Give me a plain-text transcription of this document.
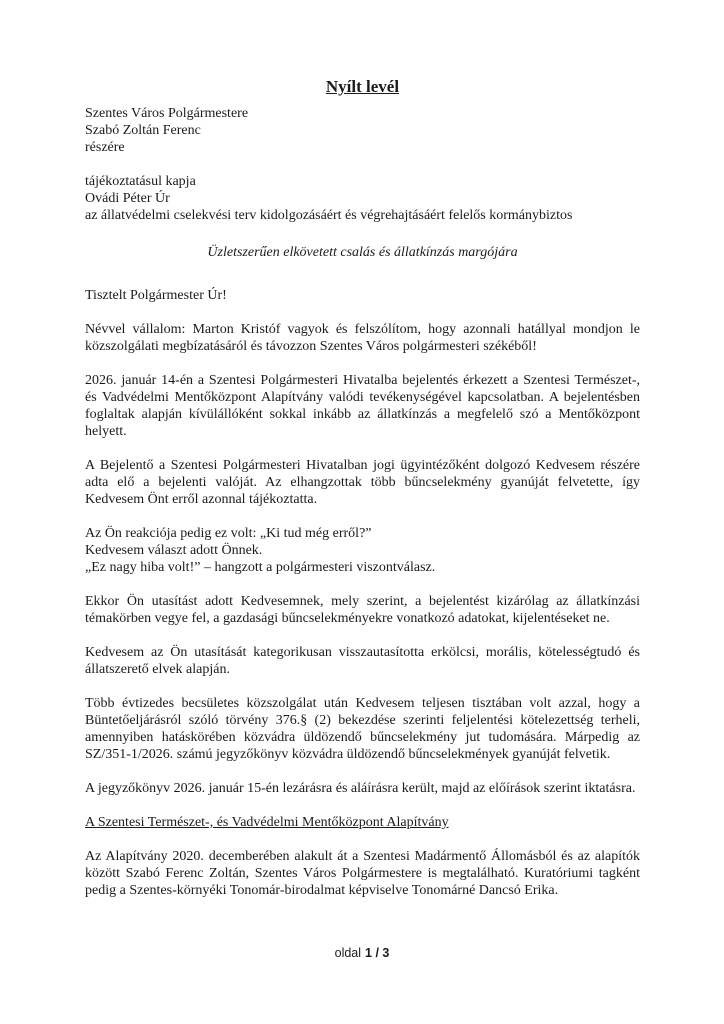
Nyílt levél

Szentes Város Polgármestere

Szabó Zoltán Ferenc

részére

tájékoztatásul kapja

Ovádi Péter Úr

az állatvédelmi cselekvési terv kidolgozásáért és végrehajtásáért felelős kormánybiztos

Üzletszerűen elkövetett csalás és állatkínzás margójára

Tisztelt Polgármester Úr!

Névvel vállalom: Marton Kristóf vagyok és felszólítom, hogy azonnali hatállyal mondjon le közszolgálati megbízatásáról és távozzon Szentes Város polgármesteri székéből!

2026. január 14-én a Szentesi Polgármesteri Hivatalba bejelentés érkezett a Szentesi Természet-, és Vadvédelmi Mentőközpont Alapítvány valódi tevékenységével kapcsolatban. A bejelentésben foglaltak alapján kívülállóként sokkal inkább az állatkínzás a megfelelő szó a Mentőközpont helyett.

A Bejelentő a Szentesi Polgármesteri Hivatalban jogi ügyintézőként dolgozó Kedvesem részére adta elő a bejelenti valóját. Az elhangzottak több bűncselekmény gyanúját felvetette, így Kedvesem Önt erről azonnal tájékoztatta.

Az Ön reakciója pedig ez volt: „Ki tud még erről?”

Kedvesem választ adott Önnek.

„Ez nagy hiba volt!” – hangzott a polgármesteri viszontválasz.

Ekkor Ön utasítást adott Kedvesemnek, mely szerint, a bejelentést kizárólag az állatkínzási témakörben vegye fel, a gazdasági bűncselekményekre vonatkozó adatokat, kijelentéseket ne.

Kedvesem az Ön utasítását kategorikusan visszautasította erkölcsi, morális, kötelességtudó és állatszerető elvek alapján.

Több évtizedes becsületes közszolgálat után Kedvesem teljesen tisztában volt azzal, hogy a Büntetőeljárásról szóló törvény 376.§ (2) bekezdése szerinti feljelentési kötelezettség terheli, amennyiben hatáskörében közvádra üldözendő bűncselekmény jut tudomására. Márpedig az SZ/351-1/2026. számú jegyzőkönyv közvádra üldözendő bűncselekmények gyanúját felvetik.

A jegyzőkönyv 2026. január 15-én lezárásra és aláírásra került, majd az előírások szerint iktatásra.

A Szentesi Természet-, és Vadvédelmi Mentőközpont Alapítvány

Az Alapítvány 2020. decemberében alakult át a Szentesi Madármentő Állomásból és az alapítók között Szabó Ferenc Zoltán, Szentes Város Polgármestere is megtalálható. Kuratóriumi tagként pedig a Szentes-környéki Tonomár-birodalmat képviselve Tonomárné Dancsó Erika.

oldal 1 / 3
